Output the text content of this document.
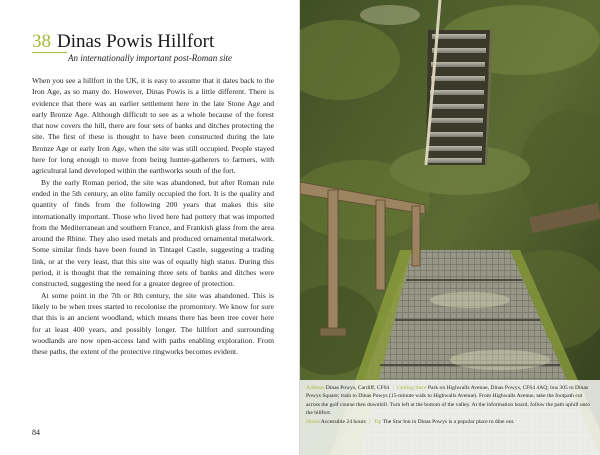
38 Dinas Powis Hillfort
An internationally important post-Roman site

When you see a hillfort in the UK, it is easy to assume that it dates back to the Iron Age, as so many do. However, Dinas Powis is a little different. There is evidence that there was an earlier settlement here in the late Stone Age and early Bronze Age. Although difficult to see as a whole because of the forest that now covers the hill, there are four sets of banks and ditches protecting the site. The first of these is thought to have been constructed during the late Bronze Age or early Iron Age, when the site was still occupied. People stayed here for long enough to move from being hunter-gatherers to farmers, with agricultural land developed within the earthworks south of the fort.

By the early Roman period, the site was abandoned, but after Roman rule ended in the 5th century, an elite family occupied the fort. It is the quality and quantity of finds from the following 200 years that makes this site internationally important. Those who lived here had pottery that was imported from the Mediterranean and southern France, and Frankish glass from the area around the Rhine. They also used metals and produced ornamental metalwork. Some similar finds have been found in Tintagel Castle, suggesting a trading link, or at the very least, that this site was of equally high status. During this period, it is thought that the remaining three sets of banks and ditches were constructed, suggesting the need for a greater degree of protection.

At some point in the 7th or 8th century, the site was abandoned. This is likely to be when trees started to recolonise the promontory. We know for sure that this is an ancient woodland, which means there has been tree cover here for at least 400 years, and possibly longer. The hillfort and surrounding woodlands are now open-access land with paths enabling exploration. From these paths, the extent of the protective ringworks becomes evident.

84
Address Dinas Powys, Cardiff, CF64 | Getting there Park on Highwalls Avenue, Dinas Powys, CF64 4AQ; bus 305 to Dinas Powys Square; train to Dinas Powys (15-minute walk to Highwalls Avenue). From Highwalls Avenue, take the footpath cut across the golf course then downhill. Turn left at the bottom of the valley. At the information board, follow the path uphill onto the hillfort.
Hours Accessible 24 hours | Tip The Star Inn in Dinas Powys is a popular place to dine out.
